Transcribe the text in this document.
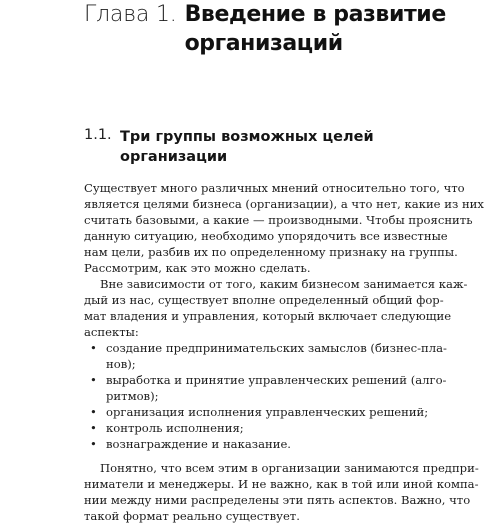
Глава 1. Введение в развитие
организаций
1.1. Три группы возможных целей
организации
Существует много различных мнений относительно того, что
является целями бизнеса (организации), а что нет, какие из них
считать базовыми, а какие — производными. Чтобы прояснить
данную ситуацию, необходимо упорядочить все известные
нам цели, разбив их по определенному признаку на группы.
Рассмотрим, как это можно сделать.
Вне зависимости от того, каким бизнесом занимается каж-
дый из нас, существует вполне определенный общий фор-
мат владения и управления, который включает следующие
аспекты:
• создание предпринимательских замыслов (бизнес-пла-
нов);
• выработка и принятие управленческих решений (алго-
ритмов);
• организация исполнения управленческих решений;
• контроль исполнения;
• вознаграждение и наказание.
Понятно, что всем этим в организации занимаются предпри-
ниматели и менеджеры. И не важно, как в той или иной компа-
нии между ними распределены эти пять аспектов. Важно, что
такой формат реально существует.
